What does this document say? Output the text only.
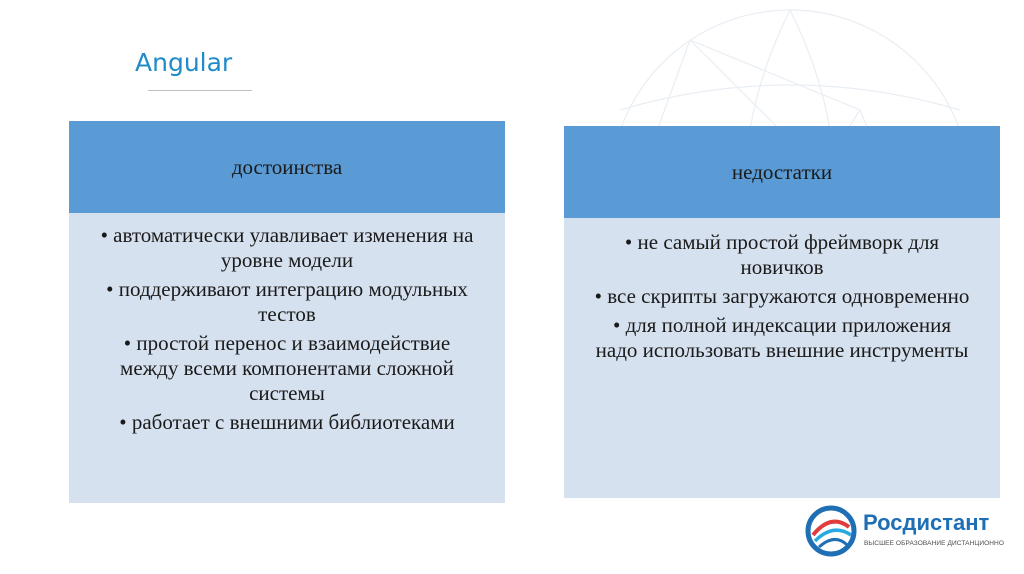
Angular
достоинства
• автоматически улавливает изменения на уровне модели
• поддерживают интеграцию модульных тестов
• простой перенос и взаимодействие между всеми компонентами сложной системы
• работает с внешними библиотеками
недостатки
• не самый простой фреймворк для новичков
• все скрипты загружаются одновременно
• для полной индексации приложения надо использовать внешние инструменты
Росдистант
ВЫСШЕЕ ОБРАЗОВАНИЕ ДИСТАНЦИОННО
